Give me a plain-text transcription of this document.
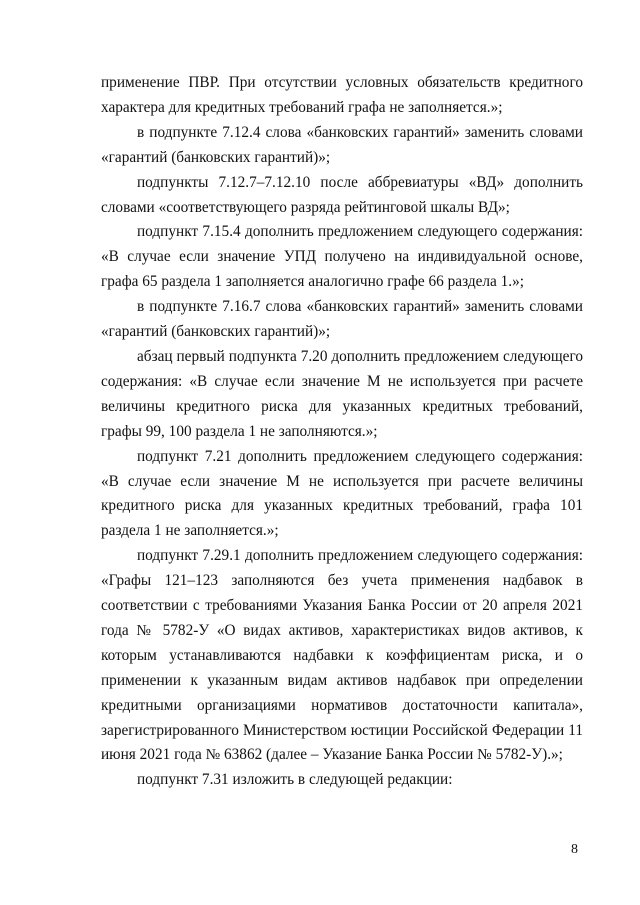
применение ПВР. При отсутствии условных обязательств кредитного характера для кредитных требований графа не заполняется.»;

в подпункте 7.12.4 слова «банковских гарантий» заменить словами «гарантий (банковских гарантий)»;

подпункты 7.12.7–7.12.10 после аббревиатуры «ВД» дополнить словами «соответствующего разряда рейтинговой шкалы ВД»;

подпункт 7.15.4 дополнить предложением следующего содержания: «В случае если значение УПД получено на индивидуальной основе, графа 65 раздела 1 заполняется аналогично графе 66 раздела 1.»;

в подпункте 7.16.7 слова «банковских гарантий» заменить словами «гарантий (банковских гарантий)»;

абзац первый подпункта 7.20 дополнить предложением следующего содержания: «В случае если значение М не используется при расчете величины кредитного риска для указанных кредитных требований, графы 99, 100 раздела 1 не заполняются.»;

подпункт 7.21 дополнить предложением следующего содержания: «В случае если значение М не используется при расчете величины кредитного риска для указанных кредитных требований, графа 101 раздела 1 не заполняется.»;

подпункт 7.29.1 дополнить предложением следующего содержания: «Графы 121–123 заполняются без учета применения надбавок в соответствии с требованиями Указания Банка России от 20 апреля 2021 года № 5782-У «О видах активов, характеристиках видов активов, к которым устанавливаются надбавки к коэффициентам риска, и о применении к указанным видам активов надбавок при определении кредитными организациями нормативов достаточности капитала», зарегистрированного Министерством юстиции Российской Федерации 11 июня 2021 года № 63862 (далее – Указание Банка России № 5782-У).»;

подпункт 7.31 изложить в следующей редакции:

8
